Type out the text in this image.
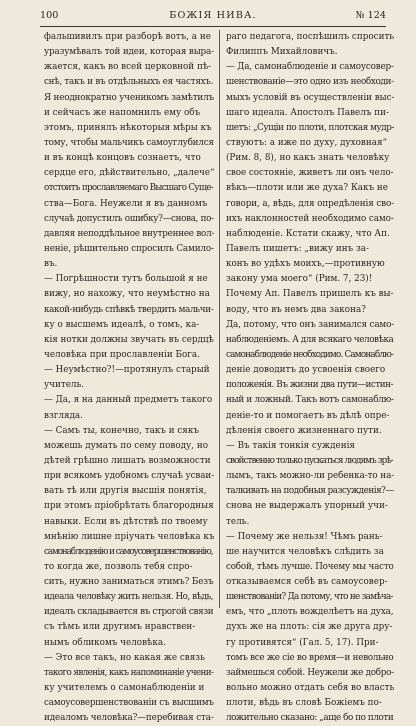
100	БОЖІЯ НИВА.	№ 124
фальшивилъ при разборѣ вотъ, а не
уразумѣвалъ той идеи, которая выра-
жается, какъ во всей церковной пѣ-
снѣ, такъ и въ отдѣльныхъ ея частяхъ.
Я неоднократно ученикомъ замѣтилъ
и сейчасъ же напомнилъ ему объ
этомъ, принялъ нѣкоторыя мѣры къ
тому, чтобы мальчикъ самоуглубился
и въ концѣ концовъ сознаетъ, что
сердце его, дѣйствительно, „далече“
отстоитъ прославляемаго Высшаго Суще-
ства—Бога. Неужели я въ данномъ
случаѣ допустилъ ошибку?—снова, по-
давляя неподдѣльное внутреннее вол-
неніе, рѣшительно спросилъ Самило-
въ.
— Погрѣшности тутъ большой я не
вижу, но нахожу, что неумѣстно на
какой-нибудь спѣвкѣ твердить мальчи-
ку о высшемъ идеалѣ, о томъ, ка-
кія нотки должны звучать въ сердцѣ
человѣка при прославленіи Бога.
— Неумѣстно?!—протянулъ старый
учитель.
— Да, я на данный предметъ такого
взгляда.
— Самъ ты, конечно, такъ и сякъ
можешь думать по сему поводу, но
дѣтей грѣшно лишать возможности
при всякомъ удобномъ случаѣ усваи-
вать тѣ или другія высшія понятія,
при этомъ пріобрѣтать благородныя
навыки. Если въ дѣтствѣ по твоему
мнѣнію лишне пріучать человѣка къ
самонаблюденію и самоусовершенствованію,
то когда же, позволь тебя спро-
сить, нужно заниматься этимъ? Безъ
идеала человѣку жить нельзя. Но, вѣдь,
идеалъ складывается въ строгой связи
съ тѣмъ или другимъ нравствен-
нымъ обликомъ человѣка.
— Это все такъ, но какая же связь
такого явленія, какъ напоминаніе учени-
ку учителемъ о самонаблюденіи и
самоусовершенствованіи съ высшимъ
идеаломъ человѣка?—перебивая ста-
раго педагога, поспѣшилъ спросить
Филиппъ Михайловичъ.
— Да, самонаблюденіе и самоусовер-
шенствованіе—это одно изъ необходи-
мыхъ условій въ осуществленіи выс-
шаго идеала. Апостолъ Павелъ пи-
шетъ: „Сущіи по плоти, плотская мудр-
ствуютъ: а иже по духу, духовная“
(Рим. 8, 8), но какъ знать человѣку
свое состояніе, живетъ ли онъ чело-
вѣкъ—плоти или же духа? Какъ не
говори, а, вѣдь, для опредѣленія сво-
ихъ наклонностей необходимо само-
наблюденіе. Кстати скажу, что Ап.
Павелъ пишетъ: „вижу инъ за-
конъ во удѣхъ моихъ,—противную
закону ума моего“ (Рим. 7, 23)!
Почему Ап. Павелъ пришелъ къ вы-
воду, что въ немъ два закона?
Да, потому, что онъ занимался само-
наблюденіемъ. А для всякаго человѣка
самонаблюденіе необходимо. Самонаблю-
деніе доводитъ до усвоенія своего
положенія. Въ жизни два пути—истин-
ный и ложный. Такъ вотъ самонаблю-
деніе-то и помогаетъ въ дѣлѣ опре-
дѣленія своего жизненнаго пути.
— Въ такія тонкія сужденія
свойственно только пускаться людямъ зрѣ-
лымъ, такъ можно-ли ребенка-то на-
талкивать на подобныя разсужденія?—
снова не выдержалъ упорный учи-
тель.
— Почему же нельзя! Чѣмъ рань-
ше научится человѣкъ слѣдить за
собой, тѣмъ лучше. Почему мы часто
отказываемся себѣ въ самоусовер-
шенствованіи? Да потому, что не замѣча-
емъ, что „плоть вожделѣетъ на духа,
духъ же на плоть: сія же друга дру-
гу противятся“ (Гал. 5, 17). При-
томъ все же сіе во время—и невольно
займешься собой. Неужели же добро-
вольно можно отдать себя во власть
плоти, вѣдь въ словѣ Божіемъ по-
ложительно сказано: „аще бо по плоти
